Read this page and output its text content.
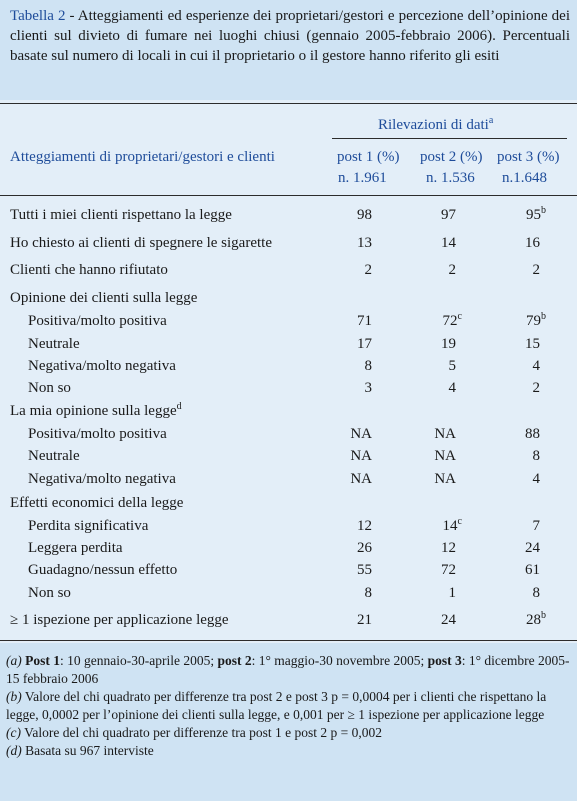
Tabella 2 - Atteggiamenti ed esperienze dei proprietari/gestori e percezione dell’opinione dei clienti sul divieto di fumare nei luoghi chiusi (gennaio 2005-febbraio 2006). Percentuali basate sul numero di locali in cui il proprietario o il gestore hanno riferito gli esiti
Rilevazioni di dati$^a$
Atteggiamenti di proprietari/gestori e clienti	post 1 (%) post 2 (%) post 3 (%)
n. 1.961	n. 1.536 n.1.648
Tutti i miei clienti rispettano la legge	98	97	95$^b$
Ho chiesto ai clienti di spegnere le sigarette	13	14	16
Clienti che hanno rifiutato	2	2	2
Opinione dei clienti sulla legge
Positiva/molto positiva	71	72$^c$	79$^b$
Neutrale	17	19	15
Negativa/molto negativa	8	5	4
Non so	3	4	2
La mia opinione sulla legge$^d$
Positiva/molto positiva	NA	NA	88
Neutrale	NA	NA	8
Negativa/molto negativa	NA	NA	4
Effetti economici della legge
Perdita significativa	12	14$^c$	7
Leggera perdita	26	12	24
Guadagno/nessun effetto	55	72	61
Non so	8	1	8
≥ 1 ispezione per applicazione legge	21	24	28$^b$

(a) Post 1: 10 gennaio-30-aprile 2005; post 2: 1° maggio-30 novembre 2005; post 3: 1° dicembre 2005-15 febbraio 2006

(b) Valore del chi quadrato per differenze tra post 2 e post 3 p = 0,0004 per i clienti che rispettano la legge, 0,0002 per l’opinione dei clienti sulla legge, e 0,001 per ≥ 1 ispezione per applicazione legge

(c) Valore del chi quadrato per differenze tra post 1 e post 2 p = 0,002

(d) Basata su 967 interviste
